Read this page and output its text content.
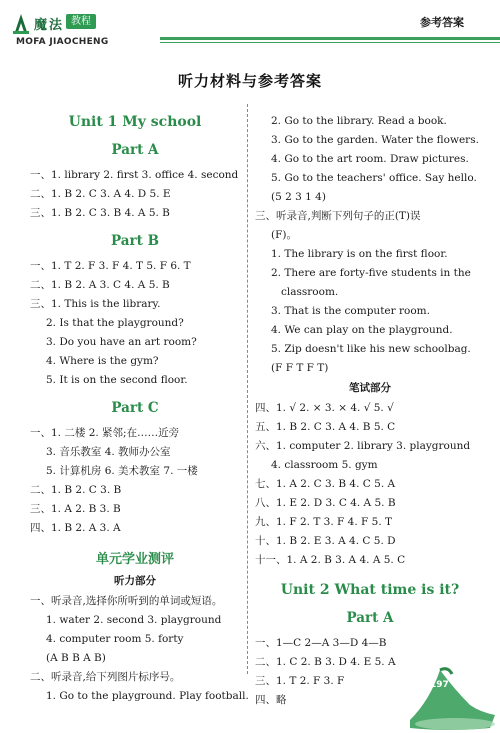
魔法 教程
MOFA JIAOCHENG
参考答案
听力材料与参考答案
Unit 1 My school
Part A
一、1. library 2. first 3. office 4. second
二、1. B 2. C 3. A 4. D 5. E
三、1. B 2. C 3. B 4. A 5. B
Part B
一、1. T 2. F 3. F 4. T 5. F 6. T
二、1. B 2. A 3. C 4. A 5. B
三、1. This is the library.
2. Is that the playground?
3. Do you have an art room?
4. Where is the gym?
5. It is on the second floor.
Part C
一、1. 二楼 2. 紧邻;在……近旁
3. 音乐教室 4. 教师办公室
5. 计算机房 6. 美术教室 7. 一楼
二、1. B 2. C 3. B
三、1. A 2. B 3. B
四、1. B 2. A 3. A
单元学业测评
听力部分
一、听录音,选择你所听到的单词或短语。
1. water 2. second 3. playground
4. computer room 5. forty
(A B B A B)
二、听录音,给下列图片标序号。
1. Go to the playground. Play football.
2. Go to the library. Read a book.
3. Go to the garden. Water the flowers.
4. Go to the art room. Draw pictures.
5. Go to the teachers' office. Say hello.
(5 2 3 1 4)
三、听录音,判断下列句子的正(T)误
(F)。
1. The library is on the first floor.
2. There are forty-five students in the
classroom.
3. That is the computer room.
4. We can play on the playground.
5. Zip doesn't like his new schoolbag.
(F F T F T)
笔试部分
四、1. √ 2. × 3. × 4. √ 5. √
五、1. B 2. C 3. A 4. B 5. C
六、1. computer 2. library 3. playground
4. classroom 5. gym
七、1. A 2. C 3. B 4. C 5. A
八、1. E 2. D 3. C 4. A 5. B
九、1. F 2. T 3. F 4. F 5. T
十、1. B 2. E 3. A 4. C 5. D
十一、1. A 2. B 3. A 4. A 5. C
Unit 2 What time is it?
Part A
一、1—C 2—A 3—D 4—B
二、1. C 2. B 3. D 4. E 5. A
三、1. T 2. F 3. F
四、略
197
